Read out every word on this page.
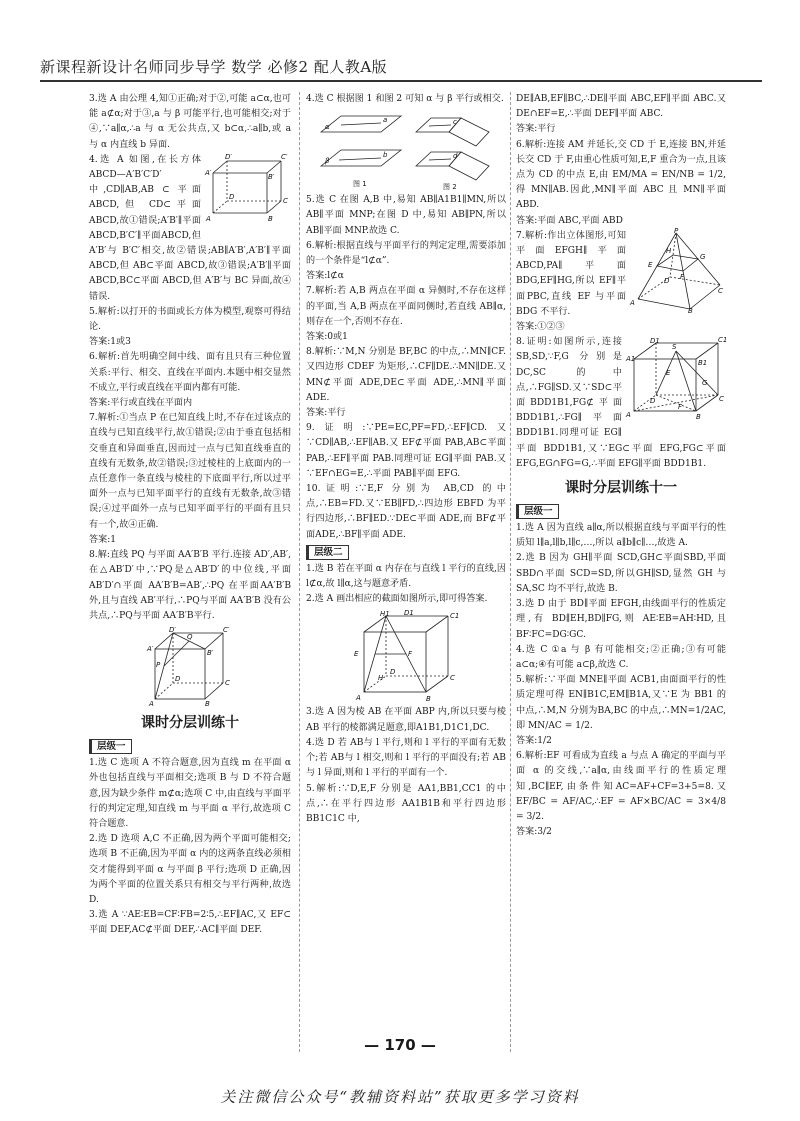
新课程新设计名师同步导学 数学 必修2 配人教A版

3.选 A 由公理 4,知①正确;对于②,可能 a⊂α,也可能 a⊄α;对于③,a 与 β 可能平行,也可能相交;对于④,∵a∥α,∴a 与 α 无公共点,又 b⊂α,∴a∥b,或 a 与 α 内直线 b 异面.

D′	C′
A′	B′
D	C
A	B

4.选 A 如图,在长方体 ABCD—A′B′C′D′中,CD∥AB,AB ⊂ 平面ABCD,但 CD⊂平面 ABCD,故①错误;A′B′∥平面ABCD,B′C′∥平面ABCD,但 A′B′与 B′C′相交,故②错误;AB∥A′B′,A′B′∥平面 ABCD,但 AB⊂平面 ABCD,故③错误;A′B′∥平面 ABCD,BC⊂平面 ABCD,但 A′B′与 BC 异面,故④错误.

5.解析:以打开的书面或长方体为模型,观察可得结论.

答案:1或3

6.解析:首先明确空间中线、面有且只有三种位置关系:平行、相交、直线在平面内.本题中相交显然不成立,平行或直线在平面内都有可能.

答案:平行或直线在平面内

7.解析:①当点 P 在已知直线上时,不存在过该点的直线与已知直线平行,故①错误;②由于垂直包括相交垂直和异面垂直,因而过一点与已知直线垂直的直线有无数条,故②错误;③过棱柱的上底面内的一点任意作一条直线与棱柱的下底面平行,所以过平面外一点与已知平面平行的直线有无数条,故③错误;④过平面外一点与已知平面平行的平面有且只有一个,故④正确.

答案:1

8.解:直线 PQ 与平面 AA′B′B 平行.连接 AD′,AB′,在△AB′D′中,∵PQ是△AB′D′的中位线,平面 AB′D′∩平面 AA′B′B=AB′,∴PQ 在平面AA′B′B 外,且与直线 AB′平行,∴PQ与平面 AA′B′B 没有公共点,∴PQ与平面 AA′B′B平行.

D′	C′
A′	B′
P
Q
D	C
A	B
课时分层训练十
层级一

1.选 C 选项 A 不符合题意,因为直线 m 在平面 α 外也包括直线与平面相交;选项 B 与 D 不符合题意,因为缺少条件 m⊄α;选项 C 中,由直线与平面平行的判定定理,知直线 m 与平面 α 平行,故选项 C 符合题意.

2.选 D 选项 A,C 不正确,因为两个平面可能相交;选项 B 不正确,因为平面 α 内的这两条直线必须相交才能得到平面 α 与平面 β 平行;选项 D 正确,因为两个平面的位置关系只有相交与平行两种,故选 D.

3.选 A ∵AE∶EB=CF∶FB=2∶5,∴EF∥AC,又 EF⊂平面 DEF,AC⊄平面 DEF,∴AC∥平面 DEF.

4.选 C 根据图 1 和图 2 可知 α 与 β 平行或相交.

α
β
a
b
c
d
图 1	图 2

5.选 C 在图 A,B 中,易知 AB∥A1B1∥MN,所以 AB∥平面 MNP;在图 D 中,易知 AB∥PN,所以 AB∥平面 MNP.故选 C.

6.解析:根据直线与平面平行的判定定理,需要添加的一个条件是“l⊄α”.

答案:l⊄α

7.解析:若 A,B 两点在平面 α 异侧时,不存在这样的平面,当 A,B 两点在平面同侧时,若直线 AB∥α,则存在一个,否则不存在.

答案:0或1

8.解析:∵M,N 分别是 BF,BC 的中点,∴MN∥CF.又四边形 CDEF 为矩形,∴CF∥DE.∴MN∥DE.又 MN⊄平面 ADE,DE⊂平面 ADE,∴MN∥平面 ADE.

答案:平行

9.证明:∵PE=EC,PF=FD,∴EF∥CD.又∵CD∥AB,∴EF∥AB.又 EF⊄平面 PAB,AB⊂平面 PAB,∴EF∥平面 PAB.同理可证 EG∥平面 PAB.又∵EF∩EG=E,∴平面 PAB∥平面 EFG.

10.证明:∵E,F 分别为 AB,CD 的中点,∴EB=FD.又∵EB∥FD,∴四边形 EBFD 为平行四边形,∴BF∥ED.∵DE⊂平面 ADE,而 BF⊄平面ADE,∴BF∥平面 ADE.

层级二

1.选 B 若在平面 α 内存在与直线 l 平行的直线,因 l⊄α,故 l∥α,这与题意矛盾.

2.选 A 画出相应的截面如图所示,即可得答案.

H1 D1	C1
E	F
A	B
H	C
D

3.选 A 因为棱 AB 在平面 ABP 内,所以只要与棱 AB 平行的棱都满足题意,即A1B1,D1C1,DC.

4.选 D 若 AB与 l 平行,则和 l 平行的平面有无数个;若 AB与 l 相交,则和 l 平行的平面没有;若 AB与 l 异面,则和 l 平行的平面有一个.

5.解析:∵D,E,F 分别是 AA1,BB1,CC1 的中点,∴在平行四边形 AA1B1B和平行四边形 BB1C1C 中,

DE∥AB,EF∥BC,∴DE∥平面 ABC,EF∥平面 ABC.又 DE∩EF=E,∴平面 DEF∥平面 ABC.

答案:平行

6.解析:连接 AM 并延长,交 CD 于 E,连接 BN,并延长交 CD 于 F,由重心性质可知,E,F 重合为一点,且该点为 CD 的中点 E,由 EM/MA = EN/NB = 1/2,得 MN∥AB.因此,MN∥平面 ABC 且 MN∥平面 ABD.

答案:平面 ABC,平面 ABD

P
E
F
G
H
A
B
C
D

7.解析:作出立体图形,可知平面EFGH∥平面ABCD,PA∥平面BDG,EF∥HG,所以 EF∥平面PBC,直线 EF 与平面 BDG 不平行.

答案:①②③

D1	C1
A1	B1
S
E
G
D	C
A
F
B

8.证明:如图所示,连接 SB,SD,∵F,G 分别是 DC,SC 的中点,∴FG∥SD.又∵SD⊂平面BDD1B1,FG⊄平面 BDD1B1,∴FG∥平面BDD1B1.同理可证 EG∥平面 BDD1B1,又∵EG⊂平面 EFG,FG⊂平面 EFG,EG∩FG=G,∴平面 EFG∥平面 BDD1B1.

课时分层训练十一
层级一

1.选 A 因为直线 a∥α,所以根据直线与平面平行的性质知 l∥a,l∥b,l∥c,…,所以 a∥b∥c∥…,故选 A.

2.选 B 因为 GH∥平面 SCD,GH⊂平面SBD,平面 SBD∩平面 SCD=SD,所以GH∥SD,显然 GH 与 SA,SC 均不平行,故选 B.

3.选 D 由于 BD∥平面 EFGH,由线面平行的性质定理,有 BD∥EH,BD∥FG,则 AE∶EB=AH∶HD,且 BF∶FC=DG∶GC.

4.选 C ①a 与 β 有可能相交;②正确;③有可能 a⊂α;④有可能 a⊂β,故选 C.

5.解析:∵平面 MNE∥平面 ACB1,由面面平行的性质定理可得 EN∥B1C,EM∥B1A,又∵E 为 BB1 的中点,∴M,N 分别为BA,BC 的中点,∴MN=1/2AC,即 MN/AC = 1/2.

答案:1/2

6.解析:EF 可看成为直线 a 与点 A 确定的平面与平面 α 的交线,∵a∥α,由线面平行的性质定理知,BC∥EF,由条件知AC=AF+CF=3+5=8.又 EF/BC = AF/AC,∴EF = AF×BC/AC = 3×4/8 = 3/2.

答案:3/2

— 170 —
关注微信公众号“教辅资料站”获取更多学习资料
